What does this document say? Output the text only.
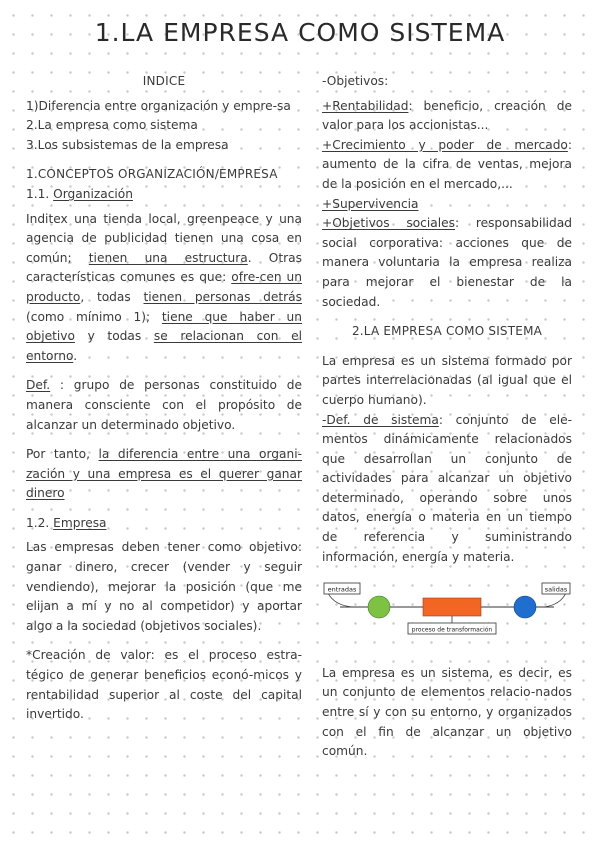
1.LA EMPRESA COMO SISTEMA

INDICE

1)Diferencia entre organización y empre-sa

2.La empresa como sistema

3.Los subsistemas de la empresa

1.CONCEPTOS ORGANIZACIÓN/EMPRESA

1.1. Organización

Inditex una tienda local, greenpeace y una agencia de publicidad tienen una cosa en común; tienen una estructura. Otras características comunes es que: ofre-cen un producto, todas tienen personas detrás (como mínimo 1); tiene que haber un objetivo y todas se relacionan con el entorno.

Def. : grupo de personas constituido de manera consciente con el propósito de alcanzar un determinado objetivo.

Por tanto, la diferencia entre una organi-zación y una empresa es el querer ganar dinero

1.2. Empresa

Las empresas deben tener como objetivo: ganar dinero, crecer (vender y seguir vendiendo), mejorar la posición (que me elijan a mí y no al competidor) y aportar algo a la sociedad (objetivos sociales).

*Creación de valor: es el proceso estra-tégico de generar beneficios econó-micos y rentabilidad superior al coste del capital invertido.

-Objetivos:

+Rentabilidad: beneficio, creación de valor para los accionistas...

+Crecimiento y poder de mercado: aumento de la cifra de ventas, mejora de la posición en el mercado,...

+Supervivencia

+Objetivos sociales: responsabilidad social corporativa: acciones que de manera voluntaria la empresa realiza para mejorar el bienestar de la sociedad.

2.LA EMPRESA COMO SISTEMA

La empresa es un sistema formado por partes interrelacionadas (al igual que el cuerpo humano).

-Def. de sistema: conjunto de ele-mentos dinámicamente relacionados que desarrollan un conjunto de actividades para alcanzar un objetivo determinado, operando sobre unos datos, energía o materia en un tiempo de referencia y suministrando información, energía y materia.

entradas	salidas
proceso de transformación

La empresa es un sistema, es decir, es un conjunto de elementos relacio-nados entre sí y con su entorno, y organizados con el fin de alcanzar un objetivo común.
